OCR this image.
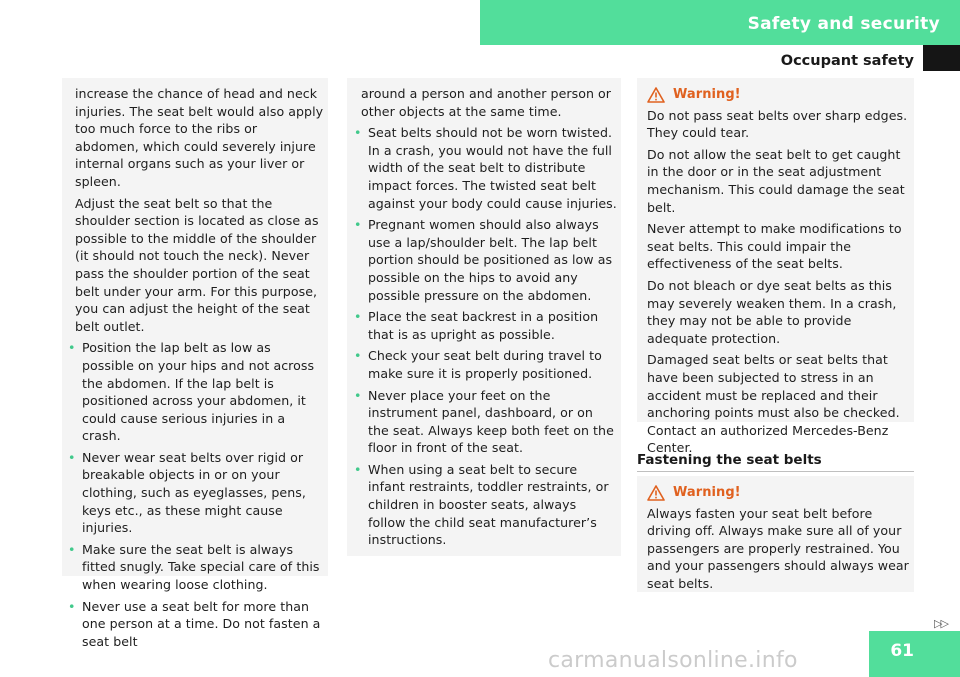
Safety and security
Occupant safety

increase the chance of head and neck injuries. The seat belt would also apply too much force to the ribs or abdomen, which could severely injure internal organs such as your liver or spleen.

Adjust the seat belt so that the shoulder section is located as close as possible to the middle of the shoulder (it should not touch the neck). Never pass the shoulder portion of the seat belt under your arm. For this purpose, you can adjust the height of the seat belt outlet.

• Position the lap belt as low as possible on your hips and not across the abdomen. If the lap belt is positioned across your abdomen, it could cause serious injuries in a crash.
• Never wear seat belts over rigid or breakable objects in or on your clothing, such as eyeglasses, pens, keys etc., as these might cause injuries.
• Make sure the seat belt is always fitted snugly. Take special care of this when wearing loose clothing.
• Never use a seat belt for more than one person at a time. Do not fasten a seat belt

around a person and another person or other objects at the same time.

• Seat belts should not be worn twisted. In a crash, you would not have the full width of the seat belt to distribute impact forces. The twisted seat belt against your body could cause injuries.
• Pregnant women should also always use a lap/shoulder belt. The lap belt portion should be positioned as low as possible on the hips to avoid any possible pressure on the abdomen.
• Place the seat backrest in a position that is as upright as possible.
• Check your seat belt during travel to make sure it is properly positioned.
• Never place your feet on the instrument panel, dashboard, or on the seat. Always keep both feet on the floor in front of the seat.
• When using a seat belt to secure infant restraints, toddler restraints, or children in booster seats, always follow the child seat manufacturer’s instructions.
Warning!

Do not pass seat belts over sharp edges. They could tear.

Do not allow the seat belt to get caught in the door or in the seat adjustment mechanism. This could damage the seat belt.

Never attempt to make modifications to seat belts. This could impair the effectiveness of the seat belts.

Do not bleach or dye seat belts as this may severely weaken them. In a crash, they may not be able to provide adequate protection.

Damaged seat belts or seat belts that have been subjected to stress in an accident must be replaced and their anchoring points must also be checked. Contact an authorized Mercedes-Benz Center.

Fastening the seat belts
Warning!

Always fasten your seat belt before driving off. Always make sure all of your passengers are properly restrained. You and your passengers should always wear seat belts.

▷▷
61
carmanualsonline.info
